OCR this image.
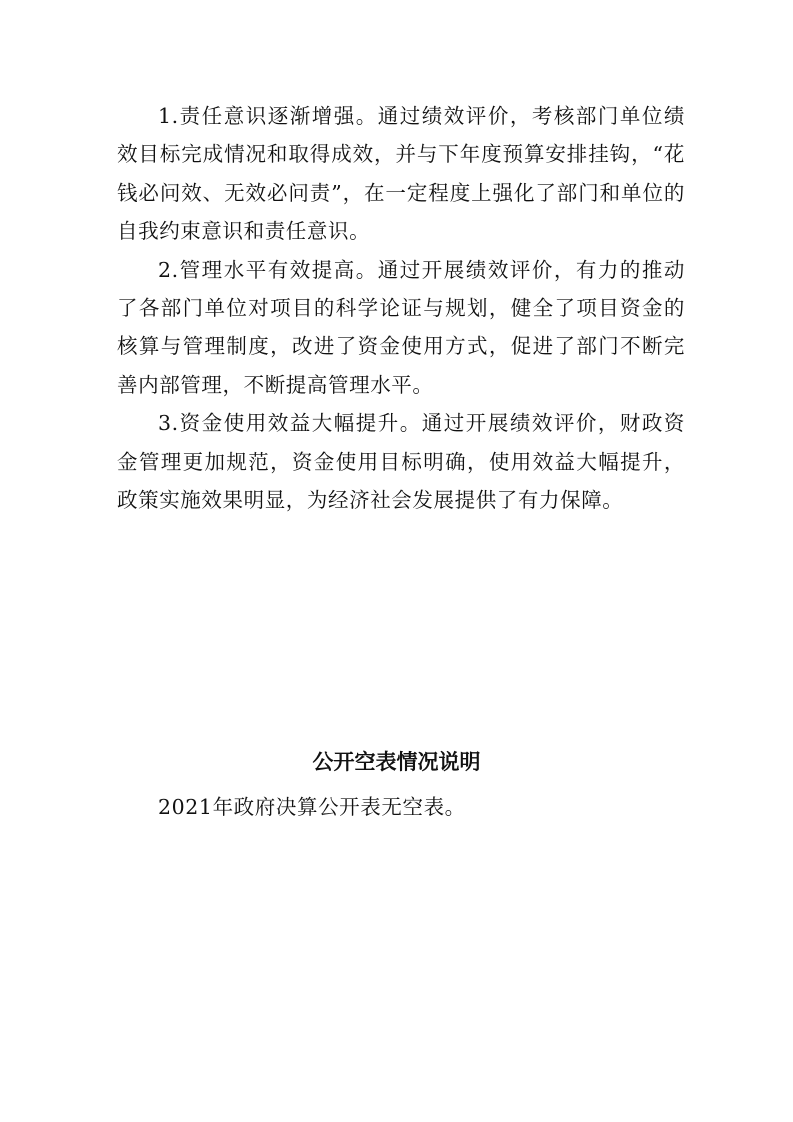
1.责任意识逐渐增强。通过绩效评价，考核部门单位绩效目标完成情况和取得成效，并与下年度预算安排挂钩，“花钱必问效、无效必问责”，在一定程度上强化了部门和单位的自我约束意识和责任意识。

2.管理水平有效提高。通过开展绩效评价，有力的推动了各部门单位对项目的科学论证与规划，健全了项目资金的核算与管理制度，改进了资金使用方式，促进了部门不断完善内部管理，不断提高管理水平。

3.资金使用效益大幅提升。通过开展绩效评价，财政资金管理更加规范，资金使用目标明确，使用效益大幅提升，政策实施效果明显，为经济社会发展提供了有力保障。

公开空表情况说明

2021年政府决算公开表无空表。
